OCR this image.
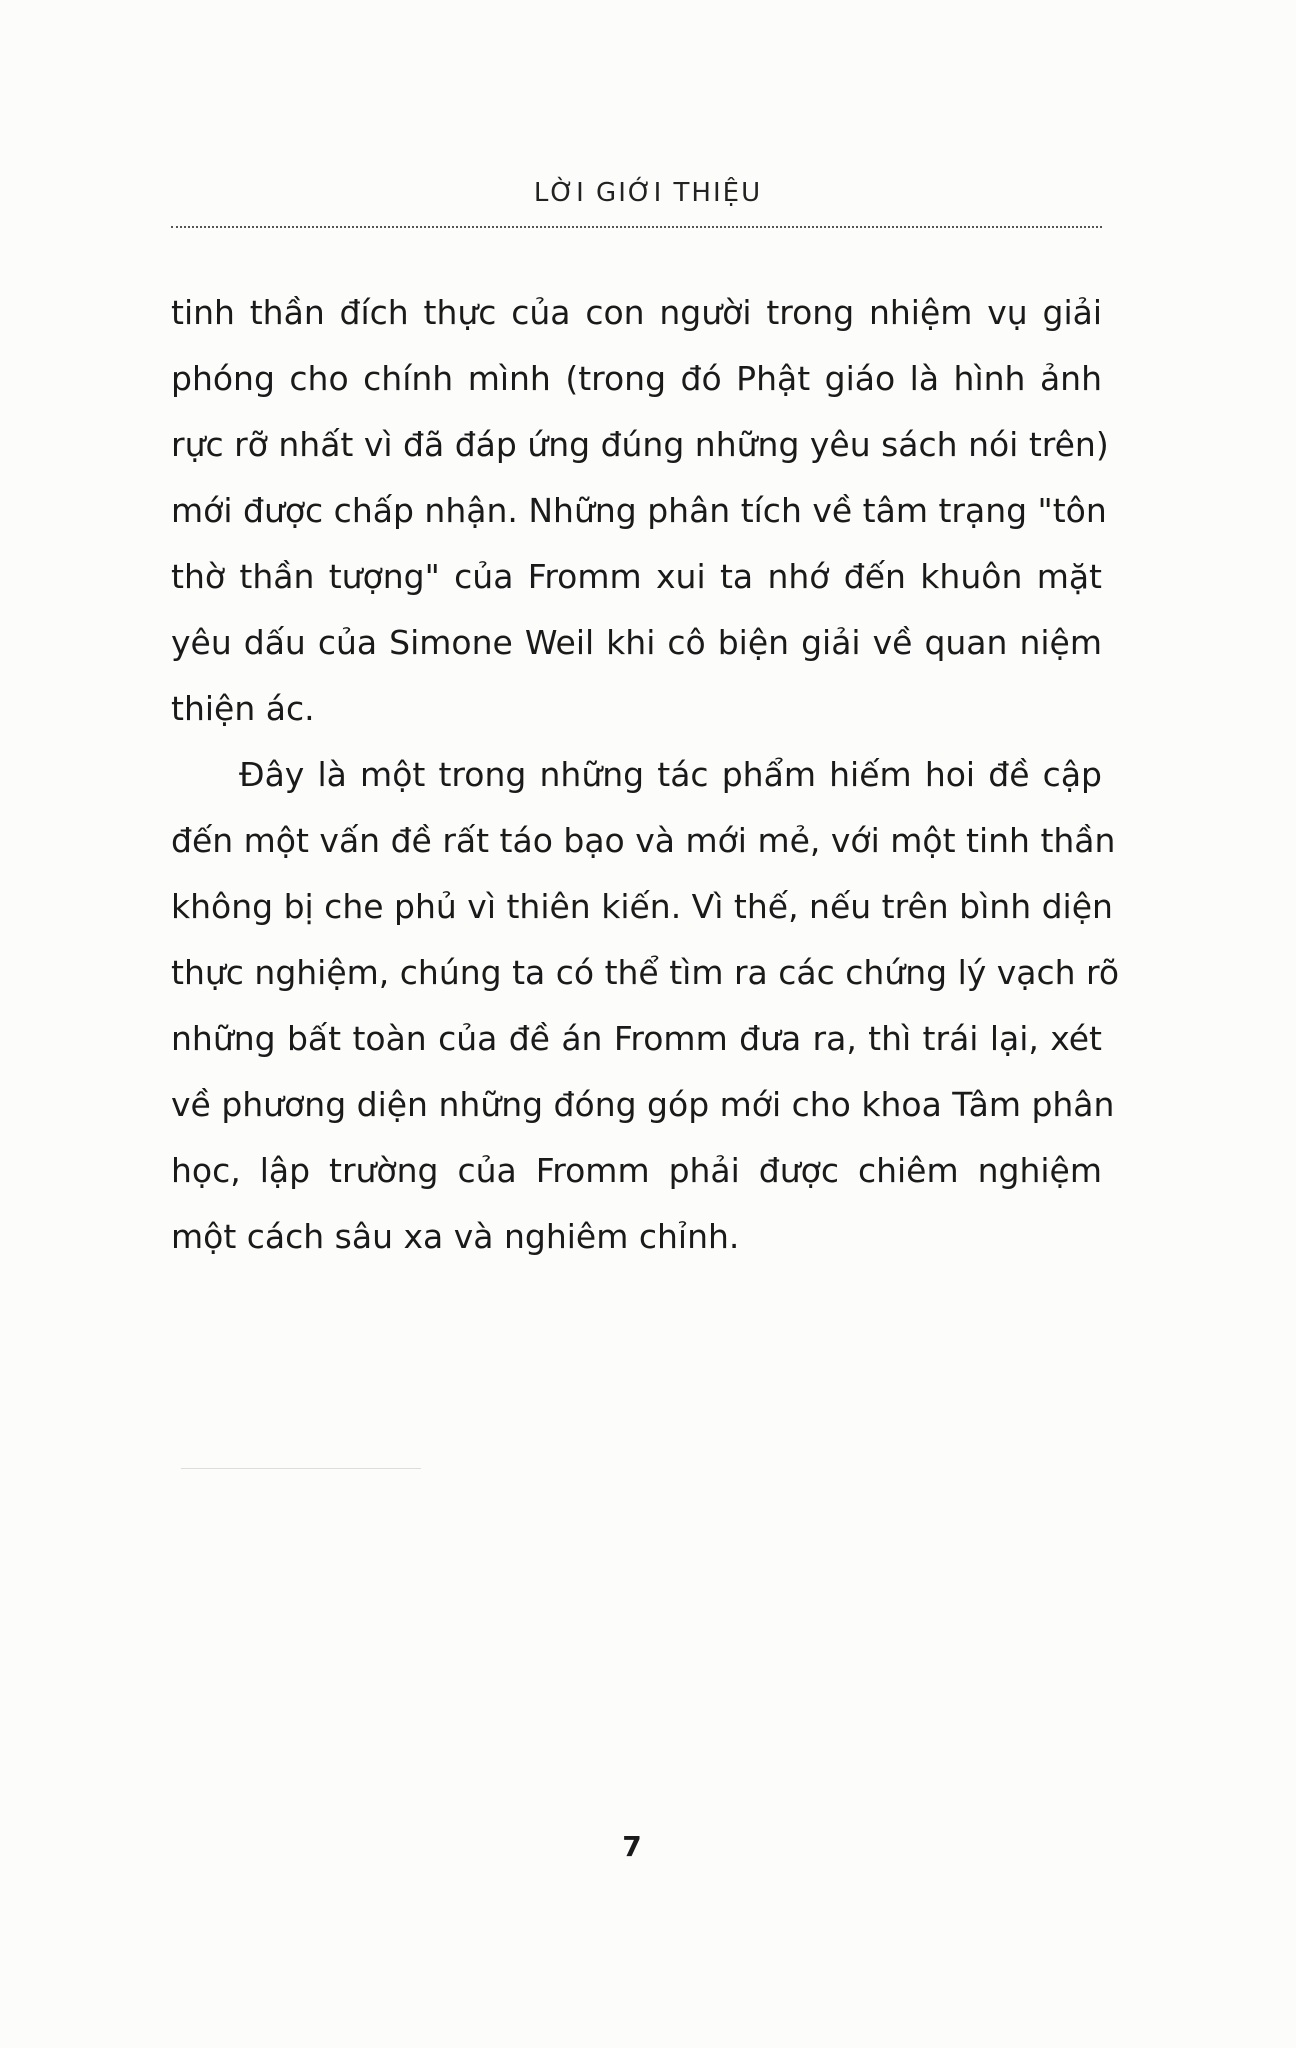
LỜI GIỚI THIỆU
tinh thần đích thực của con người trong nhiệm vụ giải
phóng cho chính mình (trong đó Phật giáo là hình ảnh
rực rỡ nhất vì đã đáp ứng đúng những yêu sách nói trên)
mới được chấp nhận. Những phân tích về tâm trạng "tôn
thờ thần tượng" của Fromm xui ta nhớ đến khuôn mặt
yêu dấu của Simone Weil khi cô biện giải về quan niệm
thiện ác.
Đây là một trong những tác phẩm hiếm hoi đề cập
đến một vấn đề rất táo bạo và mới mẻ, với một tinh thần
không bị che phủ vì thiên kiến. Vì thế, nếu trên bình diện
thực nghiệm, chúng ta có thể tìm ra các chứng lý vạch rõ
những bất toàn của đề án Fromm đưa ra, thì trái lại, xét
về phương diện những đóng góp mới cho khoa Tâm phân
học, lập trường của Fromm phải được chiêm nghiệm
một cách sâu xa và nghiêm chỉnh.
7
